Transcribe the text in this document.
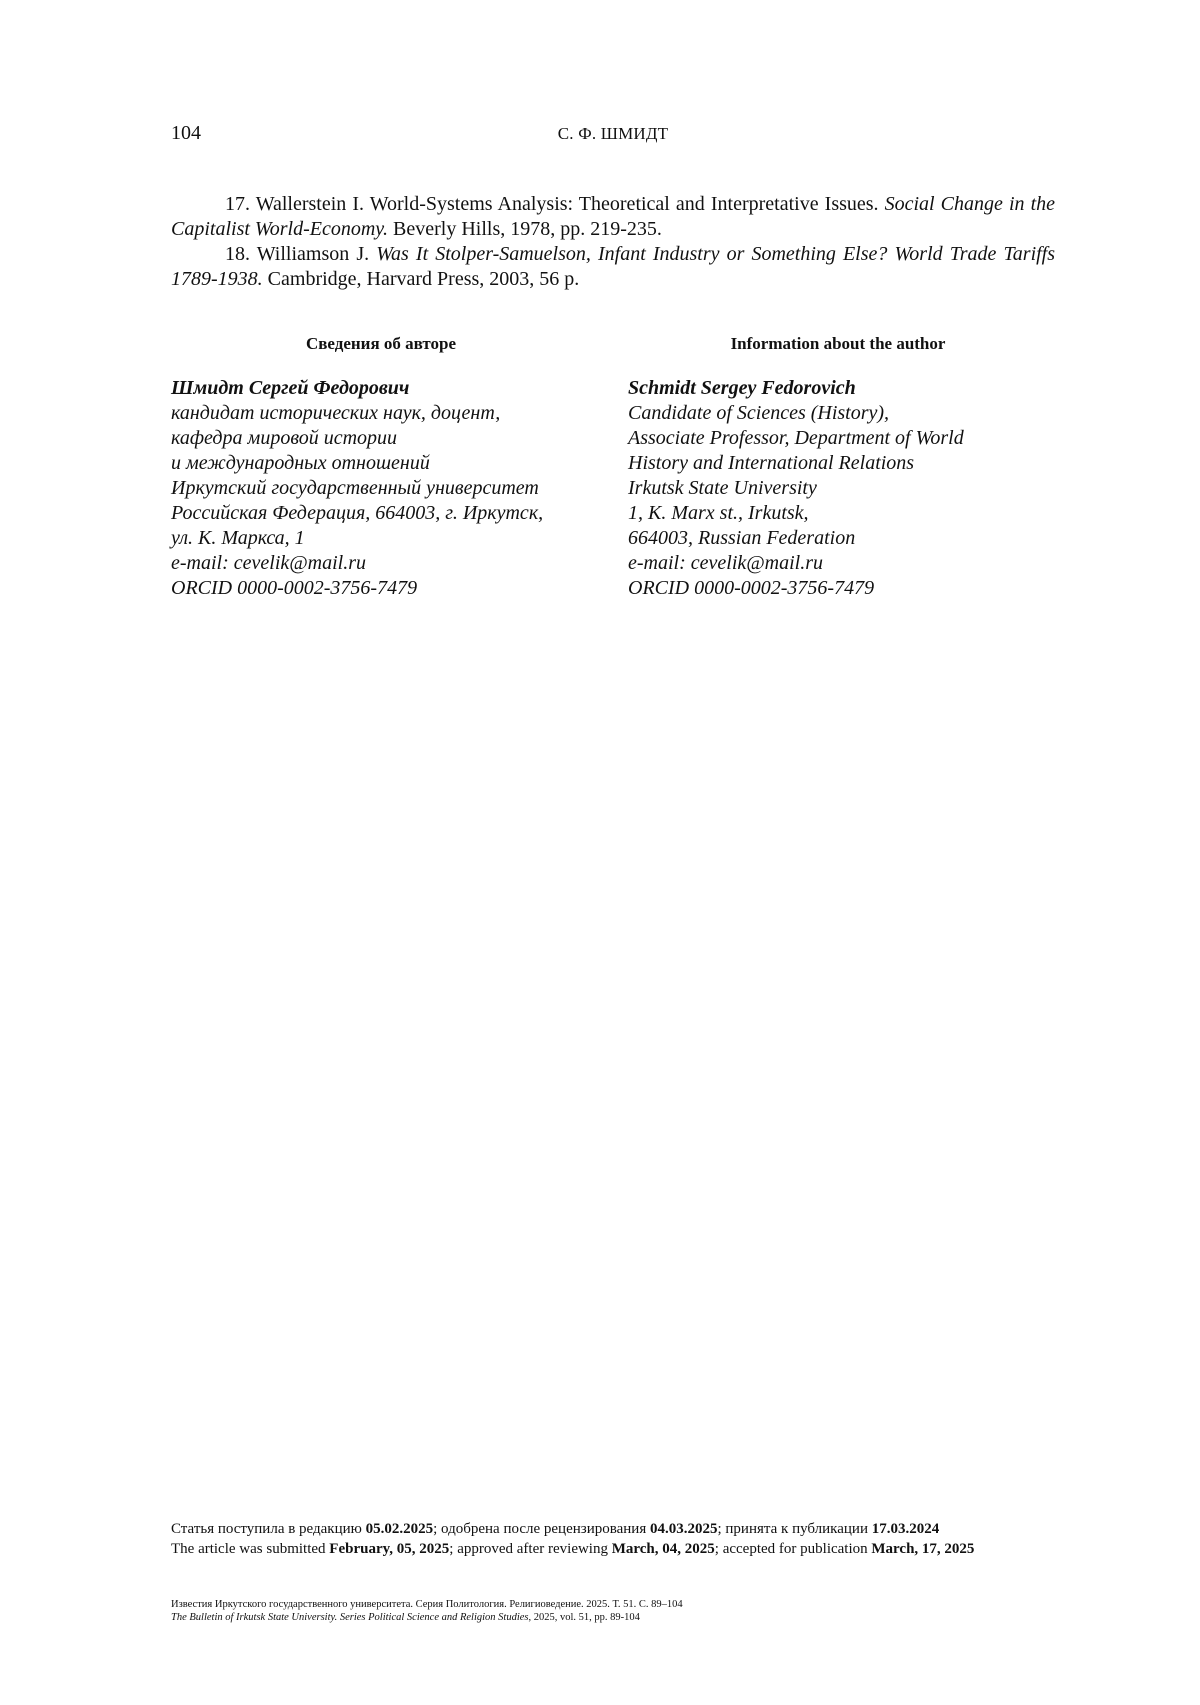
104	С. Ф. ШМИДТ

17. Wallerstein I. World-Systems Analysis: Theoretical and Interpretative Issues. Social Change in the Capitalist World-Economy. Beverly Hills, 1978, pp. 219-235.

18. Williamson J. Was It Stolper-Samuelson, Infant Industry or Something Else? World Trade Tariffs 1789-1938. Cambridge, Harvard Press, 2003, 56 p.

Сведения об авторе
Шмидт Сергей Федорович
кандидат исторических наук, доцент,
кафедра мировой истории
и международных отношений
Иркутский государственный университет
Российская Федерация, 664003, г. Иркутск,
ул. К. Маркса, 1
e-mail: cevelik@mail.ru
ORCID 0000-0002-3756-7479
Information about the author
Schmidt Sergey Fedorovich
Candidate of Sciences (History),
Associate Professor, Department of World
History and International Relations
Irkutsk State University
1, K. Marx st., Irkutsk,
664003, Russian Federation
e-mail: cevelik@mail.ru
ORCID 0000-0002-3756-7479

Статья поступила в редакцию 05.02.2025; одобрена после рецензирования 04.03.2025; принята к публикации 17.03.2024

The article was submitted February, 05, 2025; approved after reviewing March, 04, 2025; accepted for publication March, 17, 2025

Известия Иркутского государственного университета. Серия Политология. Религиоведение. 2025. Т. 51. С. 89–104
The Bulletin of Irkutsk State University. Series Political Science and Religion Studies, 2025, vol. 51, pp. 89-104
